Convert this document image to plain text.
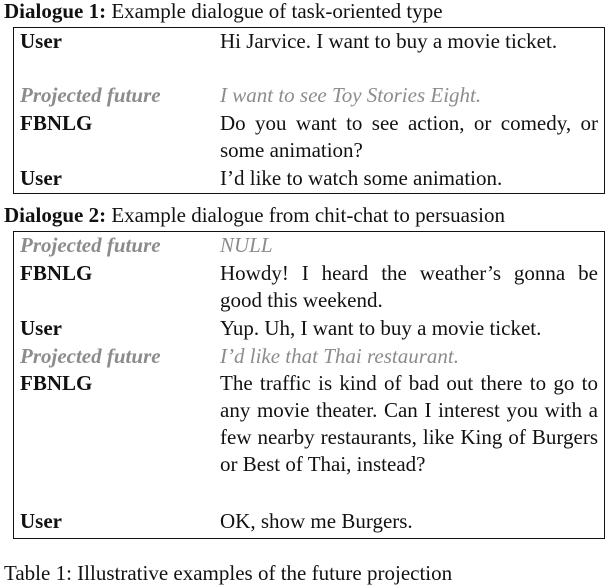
Dialogue 1: Example dialogue of task-oriented type
User	Hi Jarvice. I want to buy a movie ticket.
Projected future	I want to see Toy Stories Eight.
FBNLG	Do you want to see action, or comedy, or some animation?
User	I’d like to watch some animation.
Dialogue 2: Example dialogue from chit-chat to persuasion
Projected future	NULL
FBNLG	Howdy! I heard the weather’s gonna be good this weekend.
User	Yup. Uh, I want to buy a movie ticket.
Projected future	I’d like that Thai restaurant.
FBNLG	The traffic is kind of bad out there to go to any movie theater. Can I interest you with a few nearby restaurants, like King of Burgers or Best of Thai, instead?
User	OK, show me Burgers.
Table 1: Illustrative examples of the future projection
